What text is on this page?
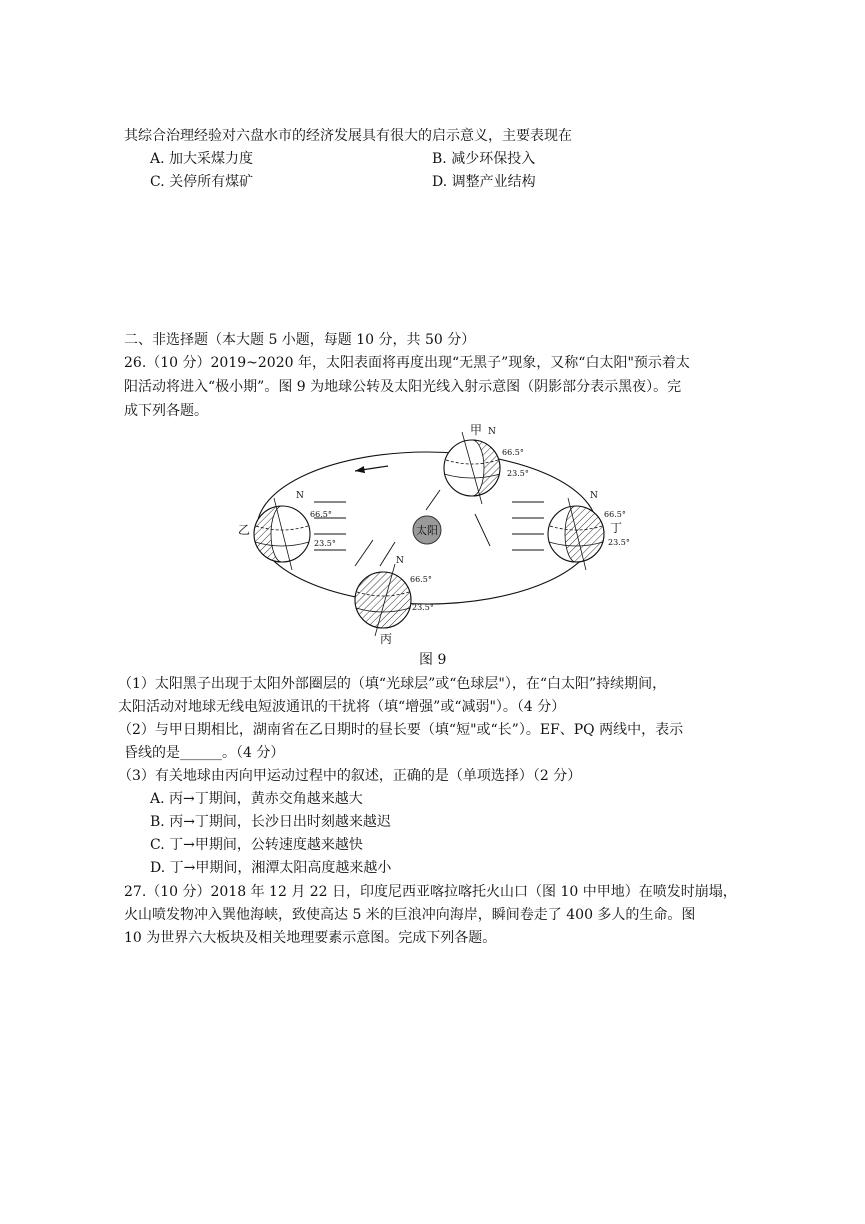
其综合治理经验对六盘水市的经济发展具有很大的启示意义，主要表现在
A. 加大采煤力度	B. 减少环保投入
C. 关停所有煤矿	D. 调整产业结构
二、非选择题（本大题 5 小题，每题 10 分，共 50 分）
26.（10 分）2019~2020 年，太阳表面将再度出现“无黑子”现象，又称“白太阳"预示着太
阳活动将进入“极小期”。图 9 为地球公转及太阳光线入射示意图（阴影部分表示黑夜）。完
成下列各题。
太阳
甲 N
66.5°
23.5°
乙
N
66.5°
23.5°
丙
N
66.5°
23.5°
丁
N
66.5°
23.5°
图 9
（1）太阳黑子出现于太阳外部圈层的（填“光球层”或“色球层"），在“白太阳”持续期间，
太阳活动对地球无线电短波通讯的干扰将（填“增强”或“减弱"）。（4 分）
（2）与甲日期相比，湖南省在乙日期时的昼长要（填“短"或“长”）。EF、PQ 两线中，表示
昏线的是______。（4 分）
（3）有关地球由丙向甲运动过程中的叙述，正确的是（单项选择）（2 分）
A. 丙→丁期间，黄赤交角越来越大
B. 丙→丁期间，长沙日出时刻越来越迟
C. 丁→甲期间，公转速度越来越快
D. 丁→甲期间，湘潭太阳高度越来越小
27.（10 分）2018 年 12 月 22 日，印度尼西亚喀拉喀托火山口（图 10 中甲地）在喷发时崩塌，
火山喷发物冲入巽他海峡，致使高达 5 米的巨浪冲向海岸，瞬间卷走了 400 多人的生命。图
10 为世界六大板块及相关地理要素示意图。完成下列各题。
